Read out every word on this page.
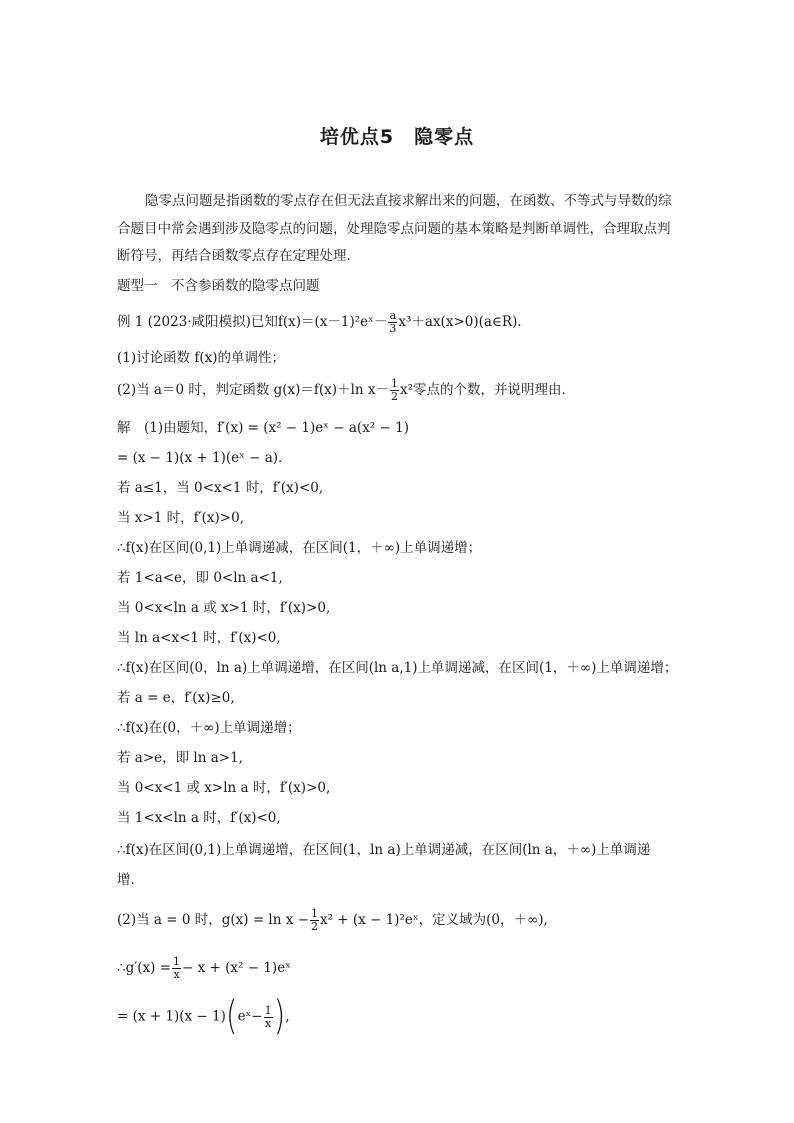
培优点5　隐零点
隐零点问题是指函数的零点存在但无法直接求解出来的问题，在函数、不等式与导数的综合题目中常会遇到涉及隐零点的问题，处理隐零点问题的基本策略是判断单调性，合理取点判断符号，再结合函数零点存在定理处理．
题型一　不含参函数的隐零点问题
例 1 (2023·咸阳模拟)已知f(x)＝(x－1)²eˣ－ $\frac{a}{3}$ x³＋ax(x>0)(a∈R)．
(1)讨论函数 f(x)的单调性；
(2)当 a＝0 时，判定函数 g(x)＝f(x)＋ln $x- \frac{1}{2} x^2$零点的个数，并说明理由．
解　(1)由题知，f′(x) = (x² − 1)eˣ − a(x² − 1)
= (x − 1)(x + 1)(eˣ − a)．
若 a≤1，当 0<x<1 时，f′(x)<0,
当 x>1 时，f′(x)>0,
∴f(x)在区间(0,1)上单调递减，在区间(1，＋∞)上单调递增；
若 1<a<e，即 0<ln a<1,
当 0<x<ln a 或 x>1 时，f′(x)>0,
当 ln a<x<1 时，f′(x)<0,
∴f(x)在区间(0，ln a)上单调递增，在区间(ln a,1)上单调递减，在区间(1，＋∞)上单调递增；
若 a = e，f′(x)≥0,
∴f(x)在(0，＋∞)上单调递增；
若 a>e，即 ln a>1,
当 0<x<1 或 x>ln a 时，f′(x)>0,
当 1<x<ln a 时，f′(x)<0,
∴f(x)在区间(0,1)上单调递增，在区间(1，ln a)上单调递减，在区间(ln a，＋∞)上单调递
增．
(2)当 a = 0 时，$g(x) = \ln x - \frac{1}{2} x^2 + (x$ − 1)²eˣ，定义域为(0，＋∞),
∴g′(x) = $\frac{1}{x} - x + (x^2$ − 1)eˣ
= (x + 1)(x − 1)(eˣ− $\frac{1}{x}$ ),
